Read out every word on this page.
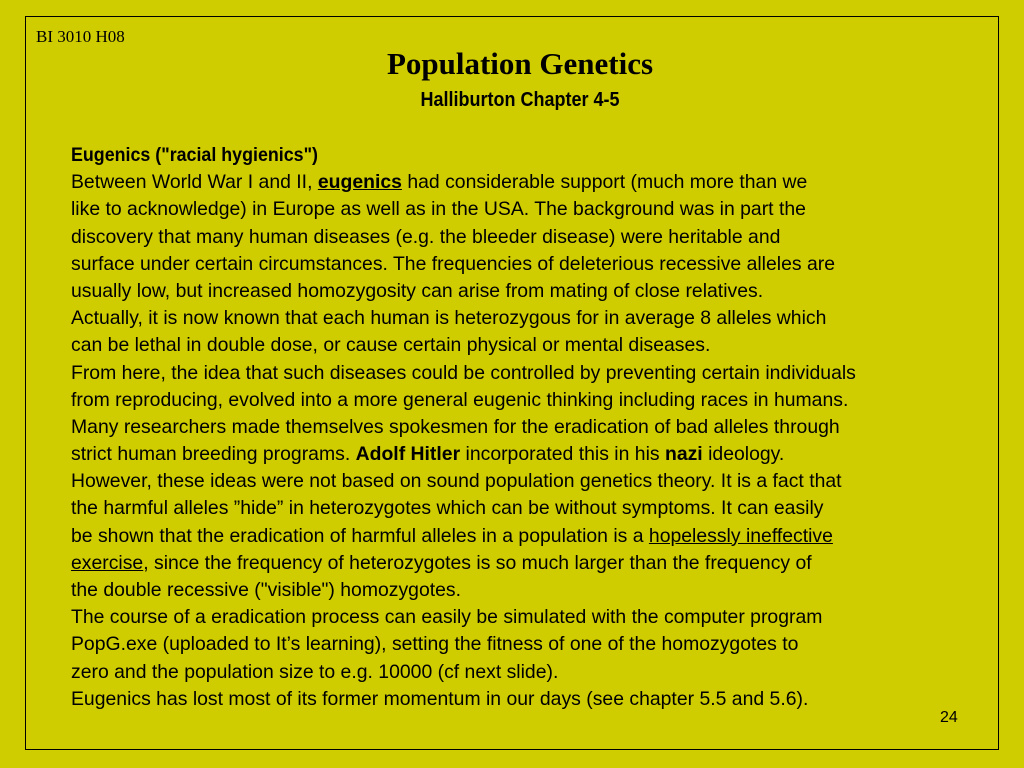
BI 3010 H08
Population Genetics
Halliburton Chapter 4-5
Eugenics ("racial hygienics")
Between World War I and II, eugenics had considerable support (much more than we
like to acknowledge) in Europe as well as in the USA. The background was in part the
discovery that many human diseases (e.g. the bleeder disease) were heritable and
surface under certain circumstances. The frequencies of deleterious recessive alleles are
usually low, but increased homozygosity can arise from mating of close relatives.
Actually, it is now known that each human is heterozygous for in average 8 alleles which
can be lethal in double dose, or cause certain physical or mental diseases.
From here, the idea that such diseases could be controlled by preventing certain individuals
from reproducing, evolved into a more general eugenic thinking including races in humans.
Many researchers made themselves spokesmen for the eradication of bad alleles through
strict human breeding programs. Adolf Hitler incorporated this in his nazi ideology.
However, these ideas were not based on sound population genetics theory. It is a fact that
the harmful alleles ”hide” in heterozygotes which can be without symptoms. It can easily
be shown that the eradication of harmful alleles in a population is a hopelessly ineffective
exercise, since the frequency of heterozygotes is so much larger than the frequency of
the double recessive ("visible") homozygotes.
The course of a eradication process can easily be simulated with the computer program
PopG.exe (uploaded to It’s learning), setting the fitness of one of the homozygotes to
zero and the population size to e.g. 10000 (cf next slide).
Eugenics has lost most of its former momentum in our days (see chapter 5.5 and 5.6).
24
